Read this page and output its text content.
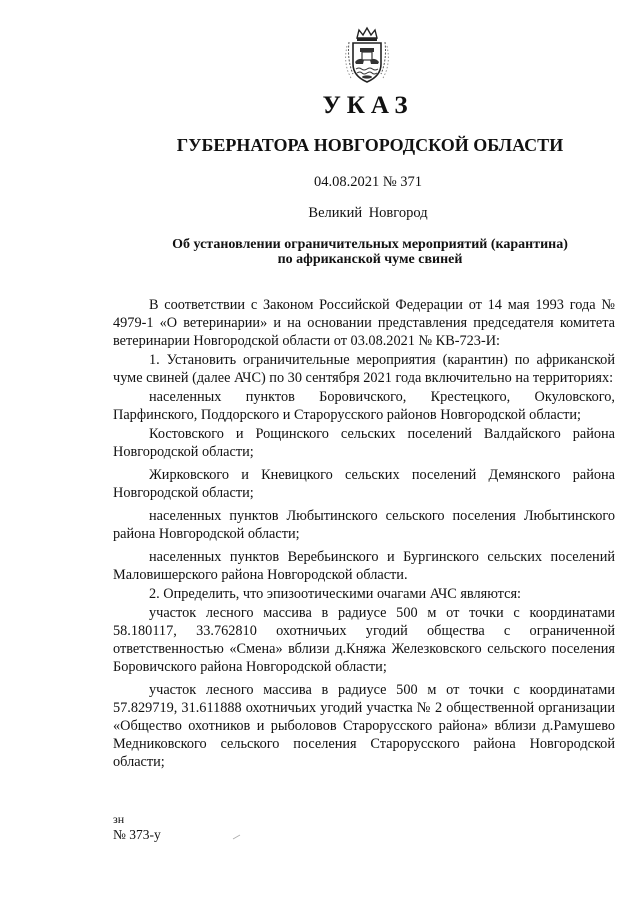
УКАЗ
ГУБЕРНАТОРА НОВГОРОДСКОЙ ОБЛАСТИ
04.08.2021 № 371
Великий Новгород
Об установлении ограничительных мероприятий (карантина)
по африканской чуме свиней

В соответствии с Законом Российской Федерации от 14 мая 1993 года № 4979-1 «О ветеринарии» и на основании представления председателя комитета ветеринарии Новгородской области от 03.08.2021 № КВ-723-И:

1. Установить ограничительные мероприятия (карантин) по африканской чуме свиней (далее АЧС) по 30 сентября 2021 года включительно на территориях:

населенных пунктов Боровичского, Крестецкого, Окуловского, Парфинского, Поддорского и Старорусского районов Новгородской области;

Костовского и Рощинского сельских поселений Валдайского района Новгородской области;

Жирковского и Кневицкого сельских поселений Демянского района Новгородской области;

населенных пунктов Любытинского сельского поселения Любытинского района Новгородской области;

населенных пунктов Веребьинского и Бургинского сельских поселений Маловишерского района Новгородской области.

2. Определить, что эпизоотическими очагами АЧС являются:

участок лесного массива в радиусе 500 м от точки с координатами 58.180117, 33.762810 охотничьих угодий общества с ограниченной ответственностью «Смена» вблизи д.Княжа Железковского сельского поселения Боровичского района Новгородской области;

участок лесного массива в радиусе 500 м от точки с координатами 57.829719, 31.611888 охотничьих угодий участка № 2 общественной организации «Общество охотников и рыболовов Старорусского района» вблизи д.Рамушево Медниковского сельского поселения Старорусского района Новгородской области;

зн
№ 373-у
